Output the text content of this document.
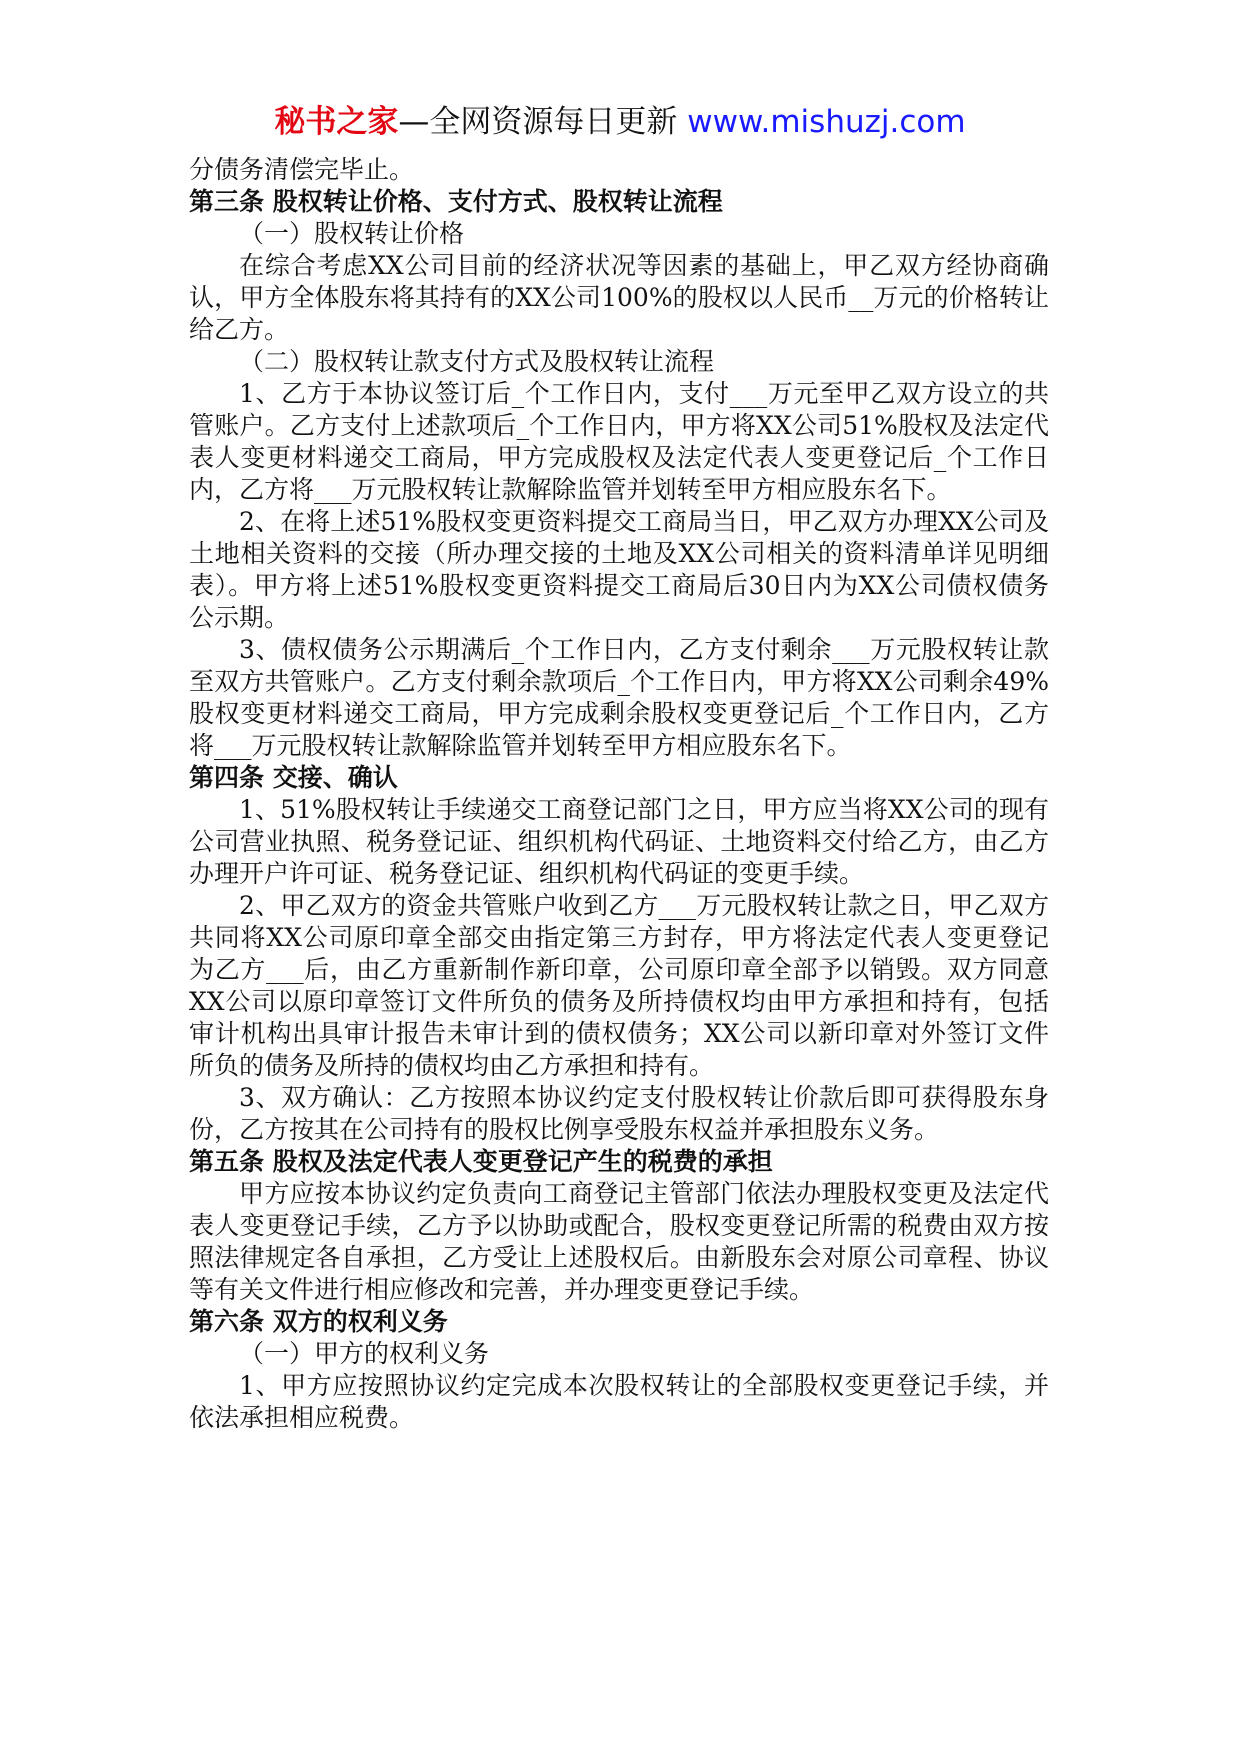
秘书之家—全网资源每日更新 www.mishuzj.com

分债务清偿完毕止。

第三条 股权转让价格、支付方式、股权转让流程

（一）股权转让价格

在综合考虑XX公司目前的经济状况等因素的基础上，甲乙双方经协商确认，甲方全体股东将其持有的XX公司100%的股权以人民币__万元的价格转让给乙方。

（二）股权转让款支付方式及股权转让流程

1、乙方于本协议签订后_个工作日内，支付___万元至甲乙双方设立的共管账户。乙方支付上述款项后_个工作日内，甲方将XX公司51%股权及法定代表人变更材料递交工商局，甲方完成股权及法定代表人变更登记后_个工作日内，乙方将___万元股权转让款解除监管并划转至甲方相应股东名下。

2、在将上述51%股权变更资料提交工商局当日，甲乙双方办理XX公司及土地相关资料的交接（所办理交接的土地及XX公司相关的资料清单详见明细表）。甲方将上述51%股权变更资料提交工商局后30日内为XX公司债权债务公示期。

3、债权债务公示期满后_个工作日内，乙方支付剩余___万元股权转让款至双方共管账户。乙方支付剩余款项后_个工作日内，甲方将XX公司剩余49%股权变更材料递交工商局，甲方完成剩余股权变更登记后_个工作日内，乙方将___万元股权转让款解除监管并划转至甲方相应股东名下。

第四条 交接、确认

1、51%股权转让手续递交工商登记部门之日，甲方应当将XX公司的现有公司营业执照、税务登记证、组织机构代码证、土地资料交付给乙方，由乙方办理开户许可证、税务登记证、组织机构代码证的变更手续。

2、甲乙双方的资金共管账户收到乙方___万元股权转让款之日，甲乙双方共同将XX公司原印章全部交由指定第三方封存，甲方将法定代表人变更登记为乙方___后，由乙方重新制作新印章，公司原印章全部予以销毁。双方同意XX公司以原印章签订文件所负的债务及所持债权均由甲方承担和持有，包括审计机构出具审计报告未审计到的债权债务；XX公司以新印章对外签订文件所负的债务及所持的债权均由乙方承担和持有。

3、双方确认：乙方按照本协议约定支付股权转让价款后即可获得股东身份，乙方按其在公司持有的股权比例享受股东权益并承担股东义务。

第五条 股权及法定代表人变更登记产生的税费的承担

甲方应按本协议约定负责向工商登记主管部门依法办理股权变更及法定代表人变更登记手续，乙方予以协助或配合，股权变更登记所需的税费由双方按照法律规定各自承担，乙方受让上述股权后。由新股东会对原公司章程、协议等有关文件进行相应修改和完善，并办理变更登记手续。

第六条 双方的权利义务

（一）甲方的权利义务

1、甲方应按照协议约定完成本次股权转让的全部股权变更登记手续，并依法承担相应税费。
